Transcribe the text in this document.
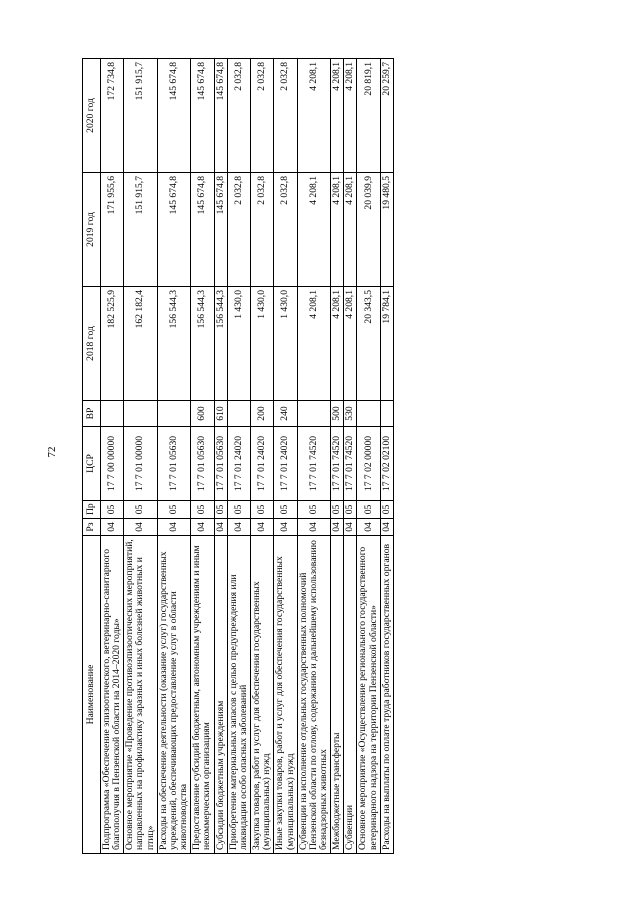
72
Наименование	Рз	Пр	ЦСР	ВР	2018 год	2019 год	2020 год
Подпрограмма «Обеспечение эпизоотического, ветеринарно-санитарного благополучия в Пензенской области на 2014–2020 годы»	04	05	17 7 00 00000		182 525,9	171 955,6	172 734,8
Основное мероприятие «Проведение противоэпизоотических мероприятий, направленных на профилактику заразных и иных болезней животных и птиц»	04	05	17 7 01 00000		162 182,4	151 915,7	151 915,7
Расходы на обеспечение деятельности (оказание услуг) государственных учреждений, обеспечивающих предоставление услуг в области животноводства	04	05	17 7 01 05630		156 544,3	145 674,8	145 674,8
Предоставление субсидий бюджетным, автономным учреждениям и иным некоммерческим организациям	04	05	17 7 01 05630	600	156 544,3	145 674,8	145 674,8
Субсидии бюджетным учреждениям	04	05	17 7 01 05630	610	156 544,3	145 674,8	145 674,8
Приобретение материальных запасов с целью предупреждения или ликвидации особо опасных заболеваний	04	05	17 7 01 24020		1 430,0	2 032,8	2 032,8
Закупка товаров, работ и услуг для обеспечения государственных (муниципальных) нужд	04	05	17 7 01 24020	200	1 430,0	2 032,8	2 032,8
Иные закупки товаров, работ и услуг для обеспечения государственных (муниципальных) нужд	04	05	17 7 01 24020	240	1 430,0	2 032,8	2 032,8
Субвенции на исполнение отдельных государственных полномочий Пензенской области по отлову, содержанию и дальнейшему использованию безнадзорных животных	04	05	17 7 01 74520		4 208,1	4 208,1	4 208,1
Межбюджетные трансферты	04	05	17 7 01 74520	500	4 208,1	4 208,1	4 208,1
Субвенции	04	05	17 7 01 74520	530	4 208,1	4 208,1	4 208,1
Основное мероприятие «Осуществление регионального государственного ветеринарного надзора на территории Пензенской области»	04	05	17 7 02 00000		20 343,5	20 039,9	20 819,1
Расходы на выплаты по оплате труда работников государственных органов	04	05	17 7 02 02100		19 784,1	19 480,5	20 259,7
